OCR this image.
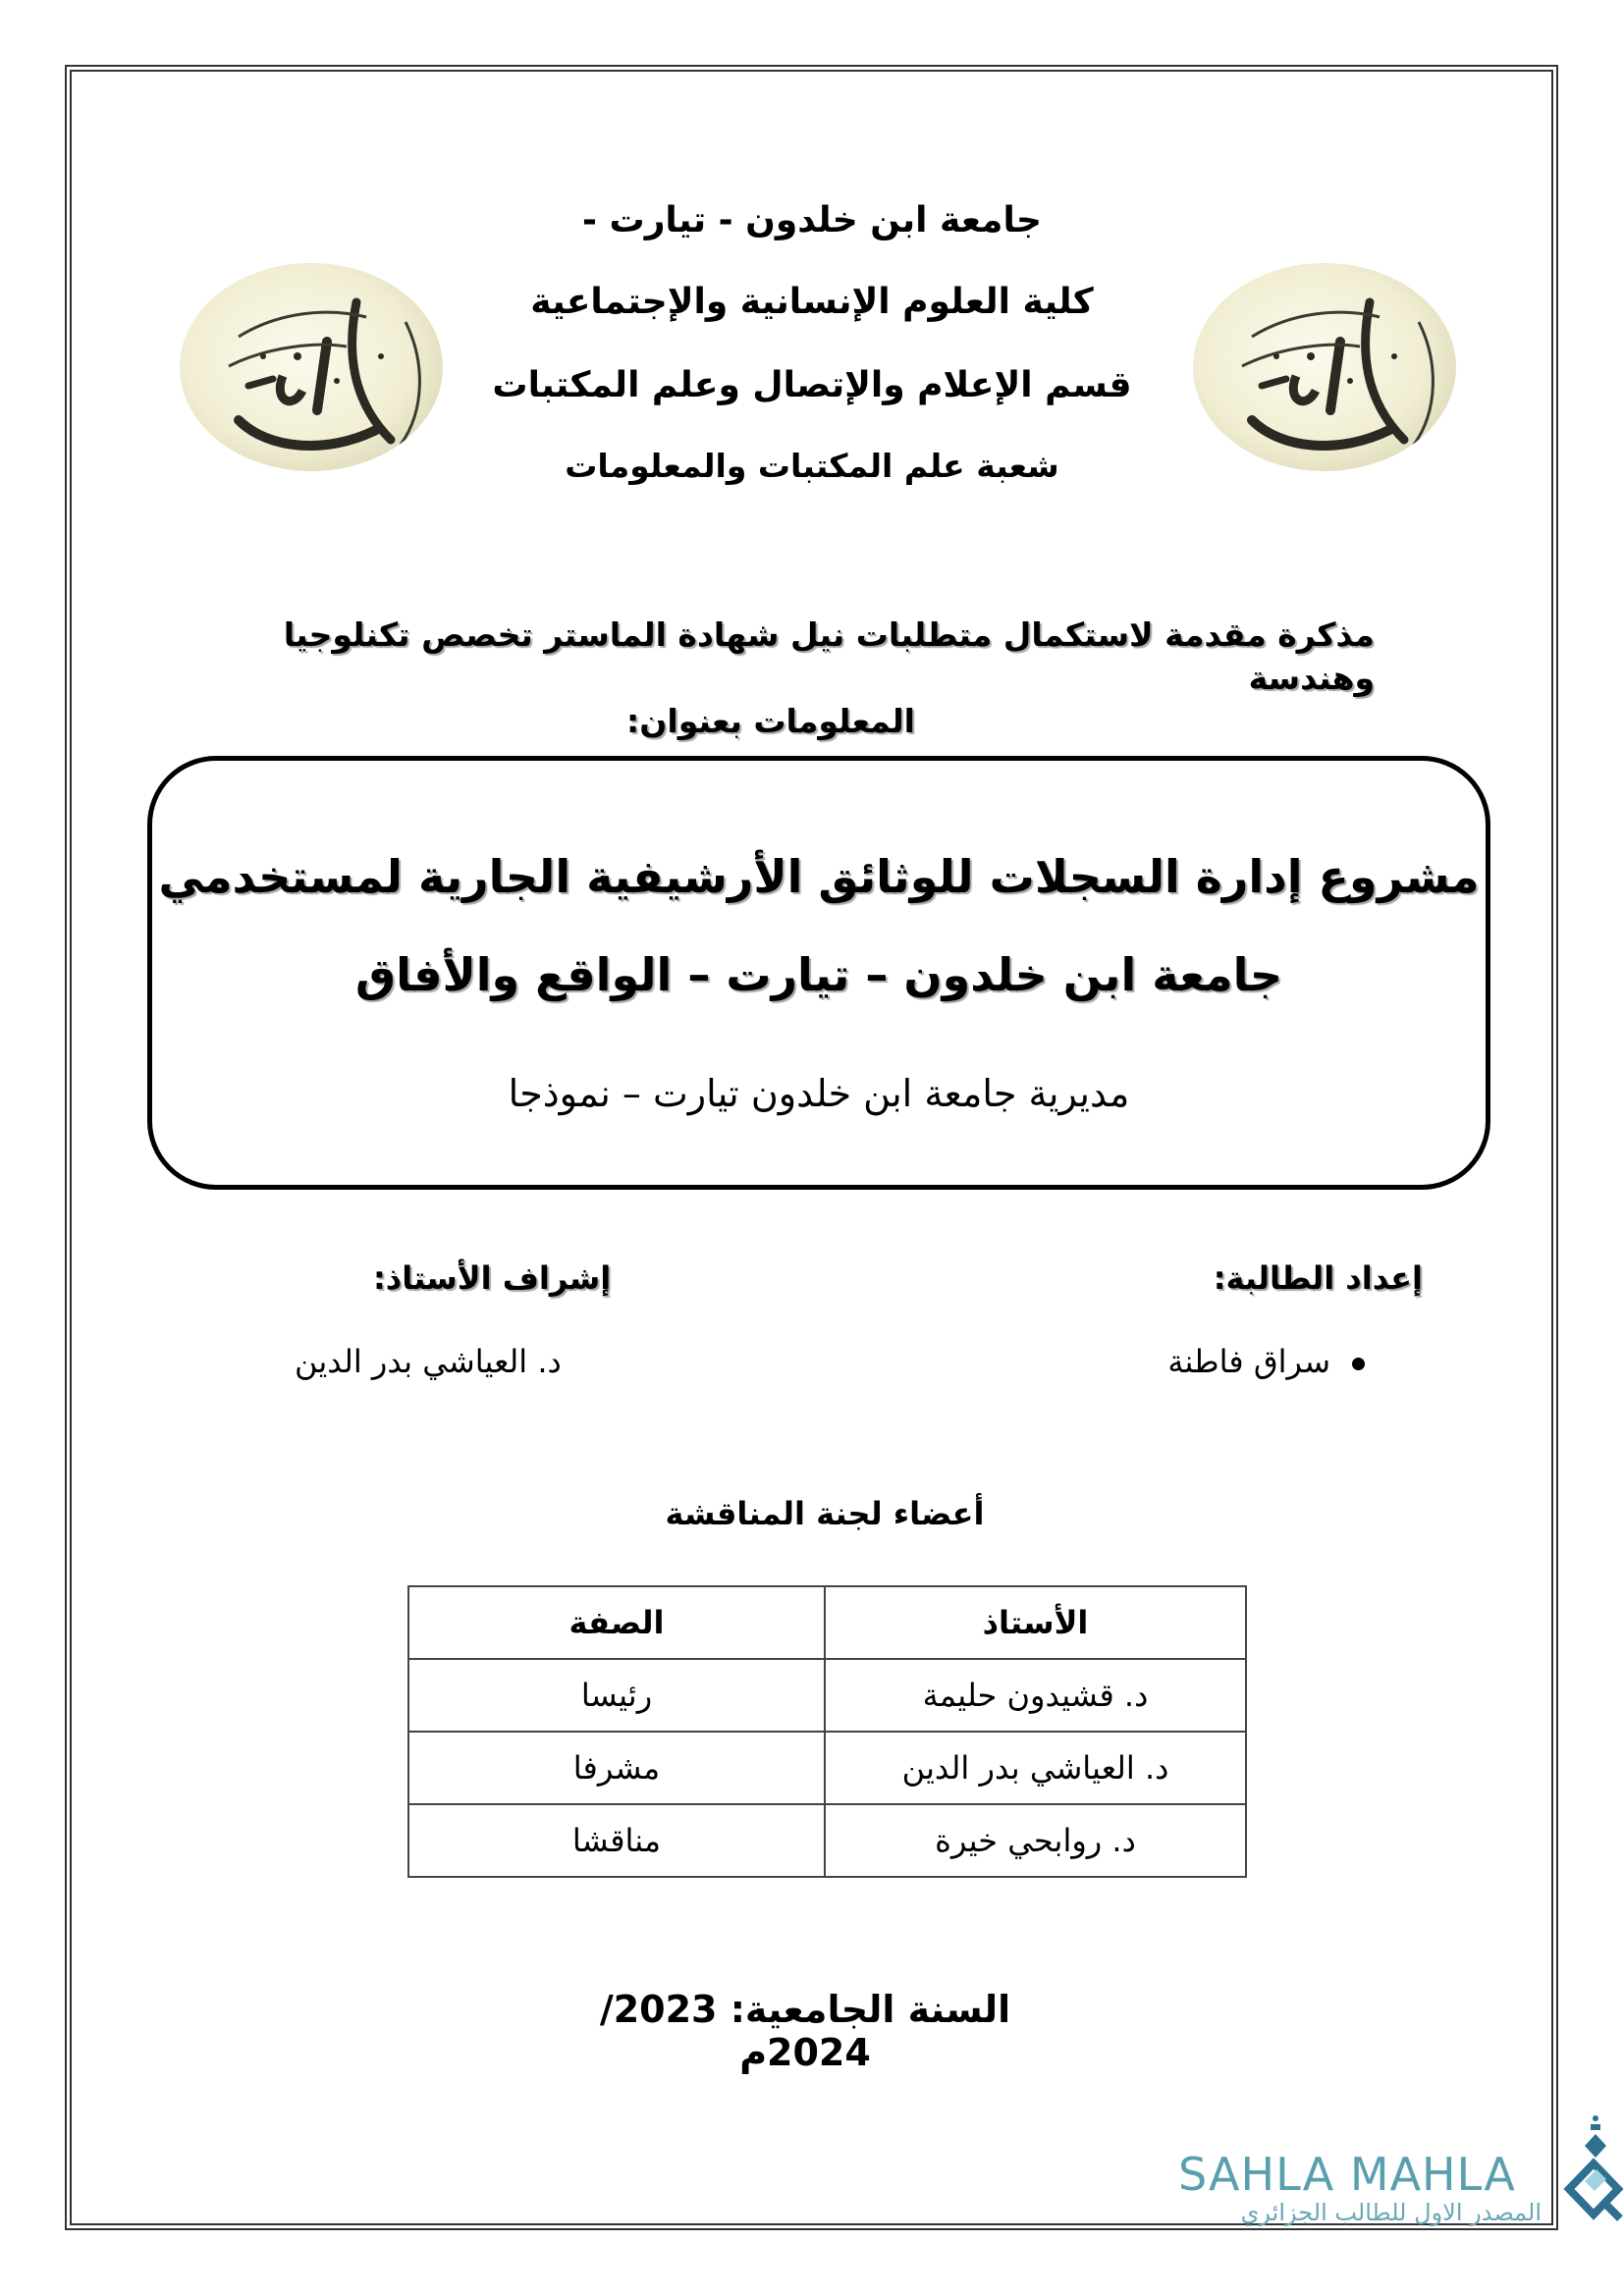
جامعة ابن خلدون - تيارت -
كلية العلوم الإنسانية والإجتماعية
قسم الإعلام والإتصال وعلم المكتبات
شعبة علم المكتبات والمعلومات
مذكرة مقدمة لاستكمال متطلبات نيل شهادة الماستر تخصص تكنلوجيا وهندسة
المعلومات بعنوان:
مشروع إدارة السجلات للوثائق الأرشيفية الجارية لمستخدمي
جامعة ابن خلدون – تيارت – الواقع والأفاق
مديرية جامعة ابن خلدون تيارت – نموذجا
إعداد الطالبة:
سراق فاطنة
إشراف الأستاذ:
د. العياشي بدر الدين
أعضاء لجنة المناقشة
الأستاذ	الصفة
د. قشيدون حليمة	رئيسا
د. العياشي بدر الدين	مشرفا
د. روابحي خيرة	مناقشا
السنة الجامعية: 2023/ 2024م
SAHLA MAHLA
المصدر الاول للطالب الجزائري
